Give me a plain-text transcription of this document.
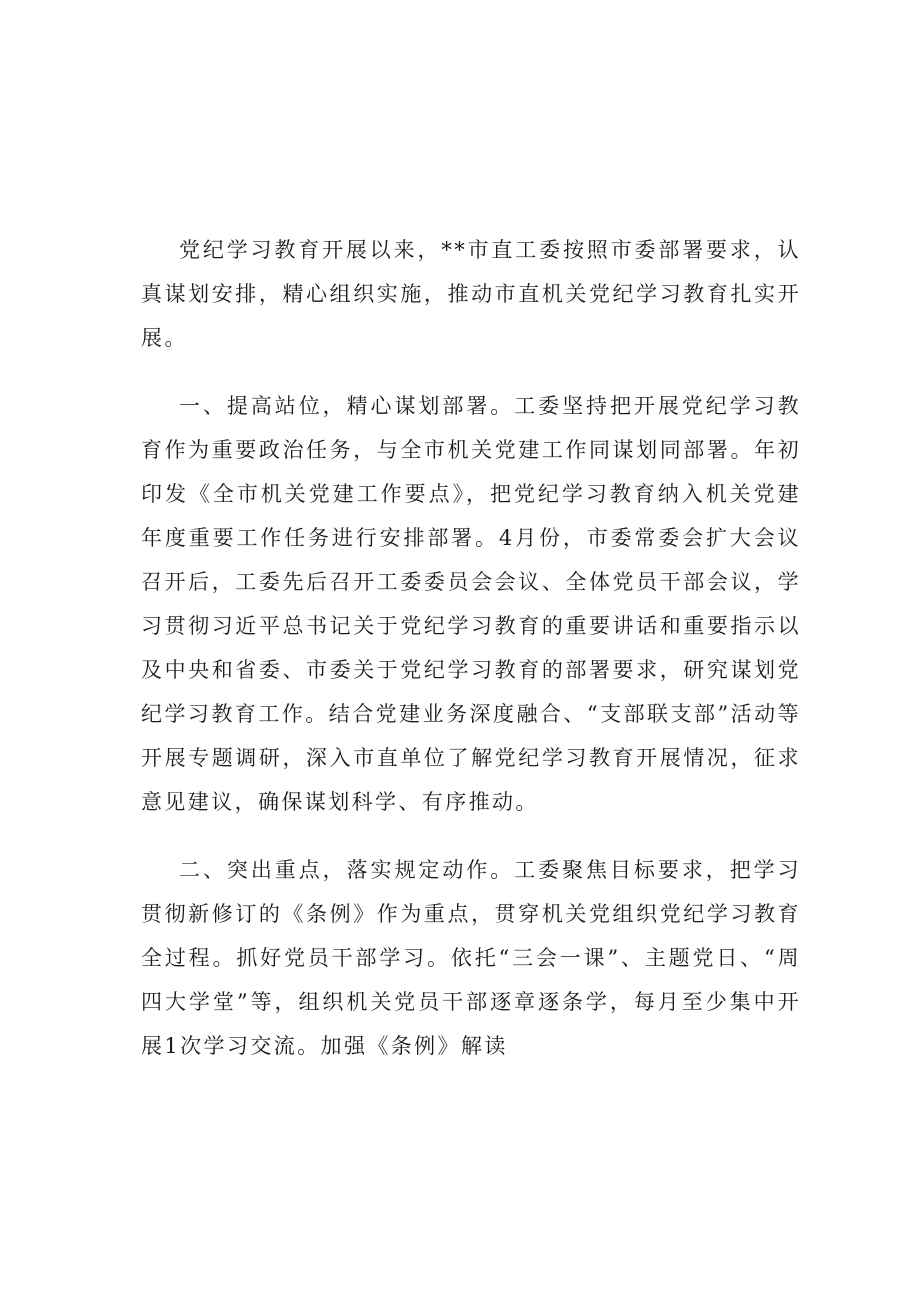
党纪学习教育开展以来，**市直工委按照市委部署要求，认真谋划安排，精心组织实施，推动市直机关党纪学习教育扎实开展。

一、提高站位，精心谋划部署。工委坚持把开展党纪学习教育作为重要政治任务，与全市机关党建工作同谋划同部署。年初印发《全市机关党建工作要点》，把党纪学习教育纳入机关党建年度重要工作任务进行安排部署。4月份，市委常委会扩大会议召开后，工委先后召开工委委员会会议、全体党员干部会议，学习贯彻习近平总书记关于党纪学习教育的重要讲话和重要指示以及中央和省委、市委关于党纪学习教育的部署要求，研究谋划党纪学习教育工作。结合党建业务深度融合、“支部联支部”活动等开展专题调研，深入市直单位了解党纪学习教育开展情况，征求意见建议，确保谋划科学、有序推动。

二、突出重点，落实规定动作。工委聚焦目标要求，把学习贯彻新修订的《条例》作为重点，贯穿机关党组织党纪学习教育全过程。抓好党员干部学习。依托“三会一课”、主题党日、“周四大学堂”等，组织机关党员干部逐章逐条学，每月至少集中开展1次学习交流。加强《条例》解读
